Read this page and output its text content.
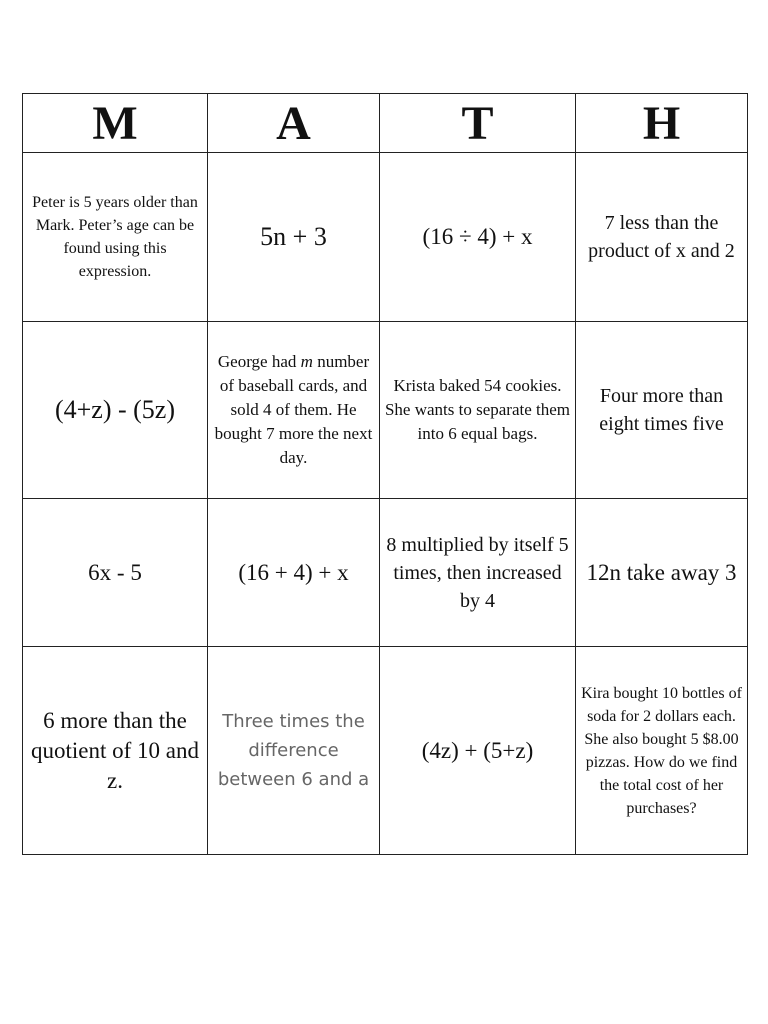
M	A	T	H
Peter is 5 years older than Mark. Peter’s age can be found using this expression.	5n + 3	(16 ÷ 4) + x	7 less than the product of x and 2
(4+z) - (5z)	George had m number of baseball cards, and sold 4 of them. He bought 7 more the next day.	Krista baked 54 cookies. She wants to separate them into 6 equal bags.	Four more than eight times five
6x - 5	(16 + 4) + x	8 multiplied by itself 5 times, then increased by 4	12n take away 3
6 more than the quotient of 10 and z.	Three times the difference between 6 and a	(4z) + (5+z)	Kira bought 10 bottles of soda for 2 dollars each. She also bought 5 $8.00 pizzas. How do we find the total cost of her purchases?
